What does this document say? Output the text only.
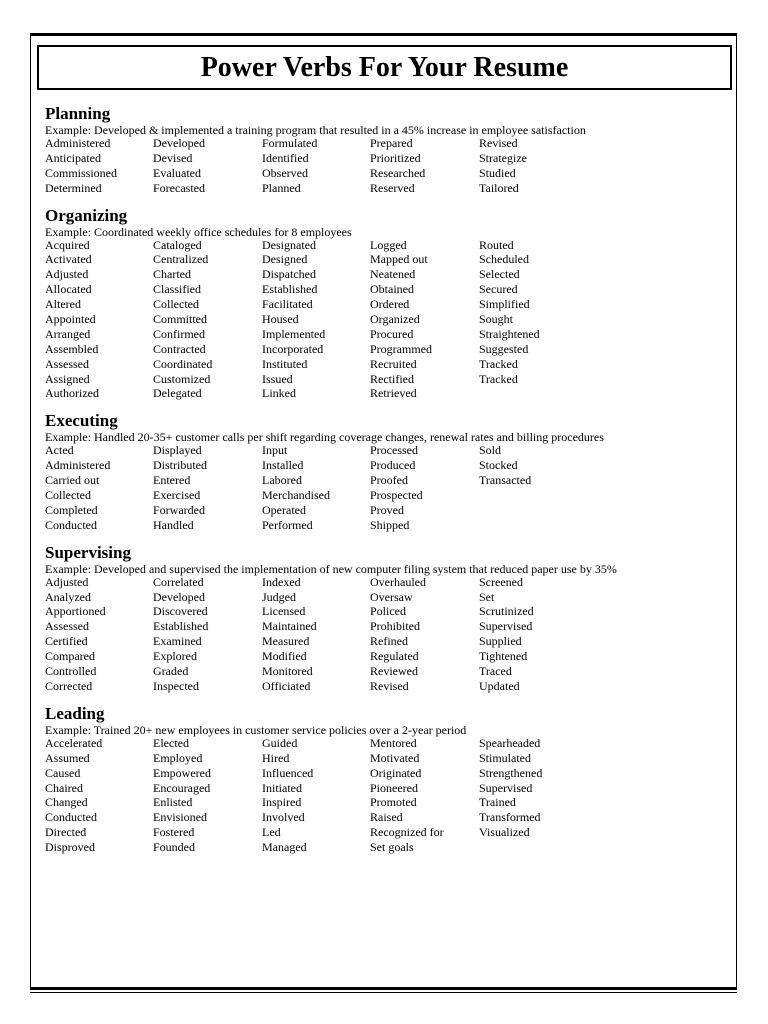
Power Verbs For Your Resume
Planning
Example: Developed & implemented a training program that resulted in a 45% increase in employee satisfaction
Administered	Developed	Formulated	Prepared	Revised
Anticipated	Devised	Identified	Prioritized	Strategize
Commissioned	Evaluated	Observed	Researched	Studied
Determined	Forecasted	Planned	Reserved	Tailored
Organizing
Example: Coordinated weekly office schedules for 8 employees
Acquired	Cataloged	Designated	Logged	Routed
Activated	Centralized	Designed	Mapped out	Scheduled
Adjusted	Charted	Dispatched	Neatened	Selected
Allocated	Classified	Established	Obtained	Secured
Altered	Collected	Facilitated	Ordered	Simplified
Appointed	Committed	Housed	Organized	Sought
Arranged	Confirmed	Implemented	Procured	Straightened
Assembled	Contracted	Incorporated	Programmed	Suggested
Assessed	Coordinated	Instituted	Recruited	Tracked
Assigned	Customized	Issued	Rectified	Tracked
Authorized	Delegated	Linked	Retrieved
Executing
Example: Handled 20-35+ customer calls per shift regarding coverage changes, renewal rates and billing procedures
Acted	Displayed	Input	Processed	Sold
Administered	Distributed	Installed	Produced	Stocked
Carried out	Entered	Labored	Proofed	Transacted
Collected	Exercised	Merchandised	Prospected
Completed	Forwarded	Operated	Proved
Conducted	Handled	Performed	Shipped
Supervising
Example: Developed and supervised the implementation of new computer filing system that reduced paper use by 35%
Adjusted	Correlated	Indexed	Overhauled	Screened
Analyzed	Developed	Judged	Oversaw	Set
Apportioned	Discovered	Licensed	Policed	Scrutinized
Assessed	Established	Maintained	Prohibited	Supervised
Certified	Examined	Measured	Refined	Supplied
Compared	Explored	Modified	Regulated	Tightened
Controlled	Graded	Monitored	Reviewed	Traced
Corrected	Inspected	Officiated	Revised	Updated
Leading
Example: Trained 20+ new employees in customer service policies over a 2-year period
Accelerated	Elected	Guided	Mentored	Spearheaded
Assumed	Employed	Hired	Motivated	Stimulated
Caused	Empowered	Influenced	Originated	Strengthened
Chaired	Encouraged	Initiated	Pioneered	Supervised
Changed	Enlisted	Inspired	Promoted	Trained
Conducted	Envisioned	Involved	Raised	Transformed
Directed	Fostered	Led	Recognized for	Visualized
Disproved	Founded	Managed	Set goals
